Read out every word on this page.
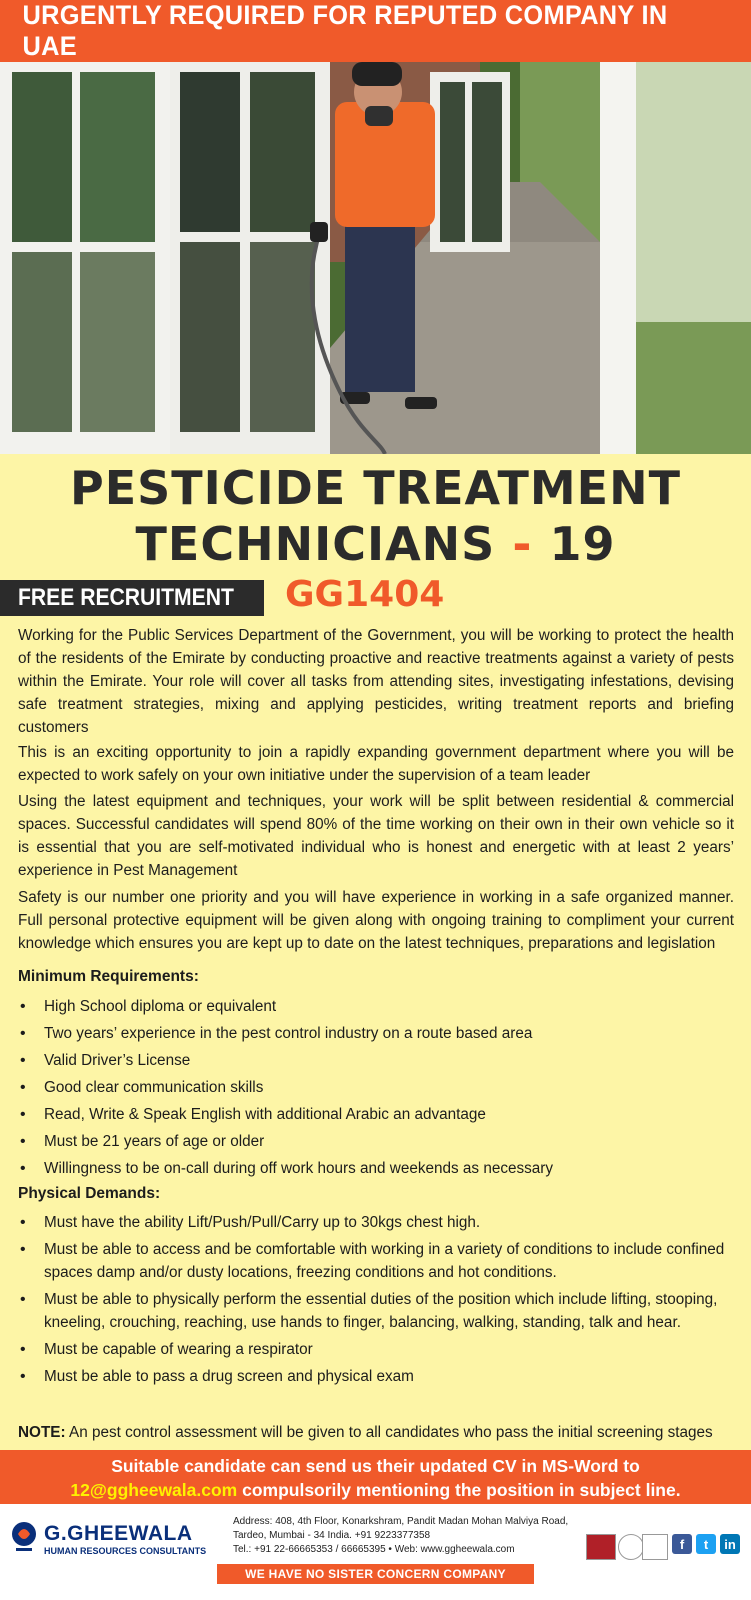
URGENTLY REQUIRED FOR REPUTED COMPANY IN UAE
PESTICIDE TREATMENT
TECHNICIANS - 19
FREE RECRUITMENT GG1404

Working for the Public Services Department of the Government, you will be working to protect the health of the residents of the Emirate by conducting proactive and reactive treatments against a variety of pests within the Emirate. Your role will cover all tasks from attending sites, investigating infestations, devising safe treatment strategies, mixing and applying pesticides, writing treatment reports and briefing customers

This is an exciting opportunity to join a rapidly expanding government department where you will be expected to work safely on your own initiative under the supervision of a team leader

Using the latest equipment and techniques, your work will be split between residential & commercial spaces. Successful candidates will spend 80% of the time working on their own in their own vehicle so it is essential that you are self-motivated individual who is honest and energetic with at least 2 years’ experience in Pest Management

Safety is our number one priority and you will have experience in working in a safe organized manner. Full personal protective equipment will be given along with ongoing training to compliment your current knowledge which ensures you are kept up to date on the latest techniques, preparations and legislation

Minimum Requirements:
• High School diploma or equivalent
• Two years’ experience in the pest control industry on a route based area
• Valid Driver’s License
• Good clear communication skills
• Read, Write & Speak English with additional Arabic an advantage
• Must be 21 years of age or older
• Willingness to be on-call during off work hours and weekends as necessary
Physical Demands:
• Must have the ability Lift/Push/Pull/Carry up to 30kgs chest high.
• Must be able to access and be comfortable with working in a variety of conditions to include confined spaces damp and/or dusty locations, freezing conditions and hot conditions.
• Must be able to physically perform the essential duties of the position which include lifting, stooping, kneeling, crouching, reaching, use hands to finger, balancing, walking, standing, talk and hear.
• Must be capable of wearing a respirator
• Must be able to pass a drug screen and physical exam
NOTE: An pest control assessment will be given to all candidates who pass the initial screening stages
Suitable candidate can send us their updated CV in MS-Word to
12@ggheewala.com compulsorily mentioning the position in subject line.
G.GHEEWALA
HUMAN RESOURCES CONSULTANTS
Address: 408, 4th Floor, Konarkshram, Pandit Madan Mohan Malviya Road,
Tardeo, Mumbai - 34 India. +91 9223377358
Tel.: +91 22-66665353 / 66665395 • Web: www.ggheewala.com	f	t	in
WE HAVE NO SISTER CONCERN COMPANY
